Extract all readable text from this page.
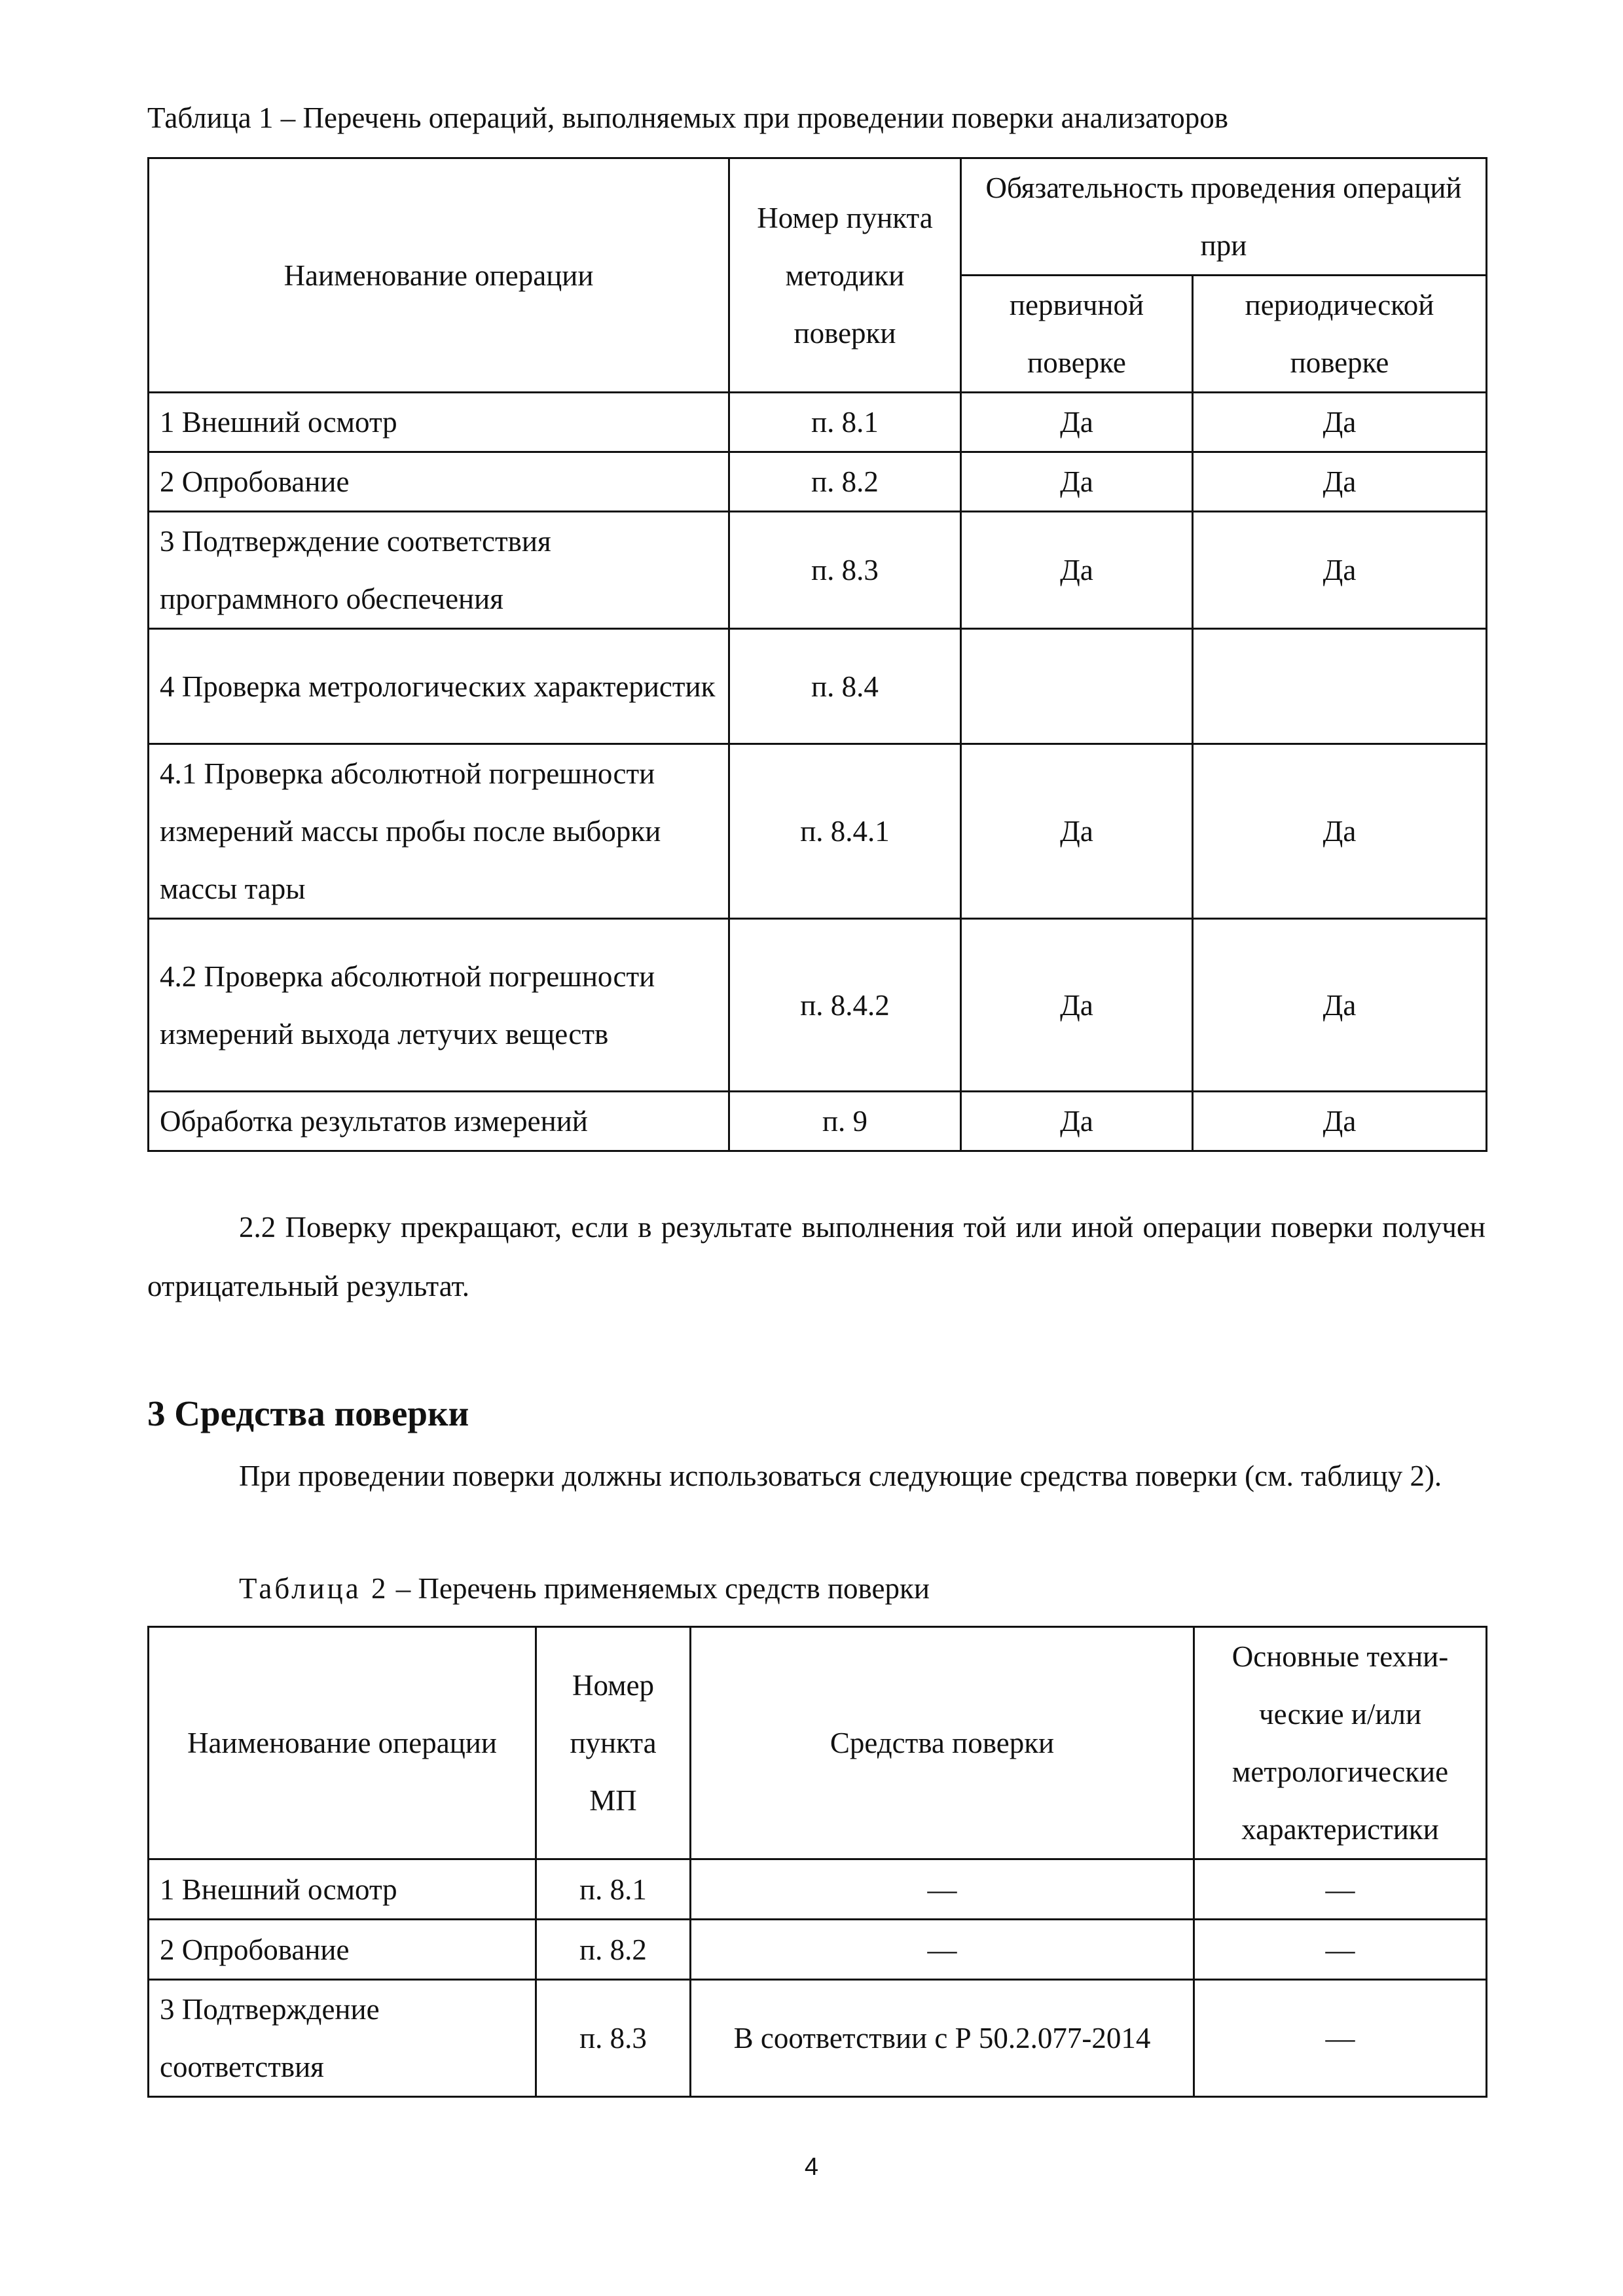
Таблица 1 – Перечень операций, выполняемых при проведении поверки анализаторов
Наименование операции	Номер пункта методики поверки	Обязательность проведения операций при	
		первичной поверке	периодической поверке
1 Внешний осмотр	п. 8.1	Да	Да
2 Опробование	п. 8.2	Да	Да
3 Подтверждение соответствия программного обеспечения	п. 8.3	Да	Да
4 Проверка метрологических характеристик	п. 8.4		
4.1 Проверка абсолютной погрешности измерений массы пробы после выборки массы тары	п. 8.4.1	Да	Да
4.2 Проверка абсолютной погрешности измерений выхода летучих веществ	п. 8.4.2	Да	Да
Обработка результатов измерений	п. 9	Да	Да
2.2 Поверку прекращают, если в результате выполнения той или иной операции поверки получен отрицательный результат.
3 Средства поверки
При проведении поверки должны использоваться следующие средства поверки (см. таблицу 2).
Таблица 2 – Перечень применяемых средств поверки
Наименование операции	Номер пункта МП	Средства поверки	Основные техни-ческие и/или метрологические характеристики
1 Внешний осмотр	п. 8.1	—	—
2 Опробование	п. 8.2	—	—
3 Подтверждение соответствия	п. 8.3	В соответствии с Р 50.2.077-2014	—
4
